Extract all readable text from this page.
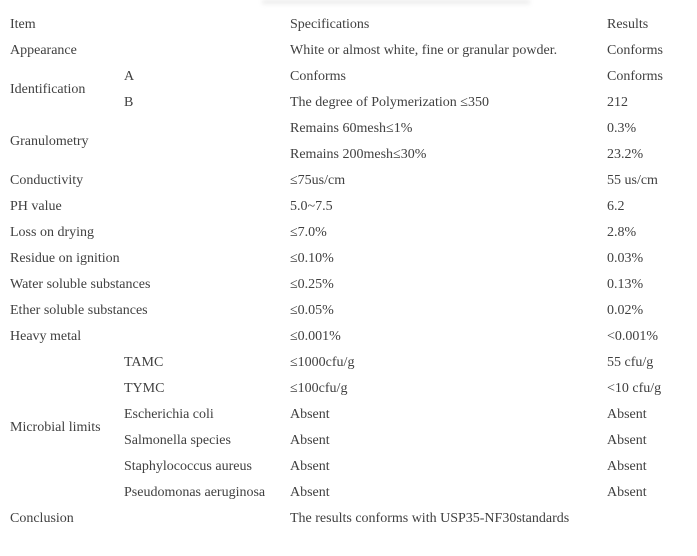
Item		Specifications	Results
Appearance		White or almost white, fine or granular powder.	Conforms
Identification	A	Conforms	Conforms
	B	The degree of Polymerization ≤350	212
Granulometry		Remains 60mesh≤1%	0.3%
		Remains 200mesh≤30%	23.2%
Conductivity		≤75us/cm	55 us/cm
PH value		5.0~7.5	6.2
Loss on drying		≤7.0%	2.8%
Residue on ignition		≤0.10%	0.03%
Water soluble substances		≤0.25%	0.13%
Ether soluble substances		≤0.05%	0.02%
Heavy metal		≤0.001%	<0.001%
Microbial limits	TAMC	≤1000cfu/g	55 cfu/g
	TYMC	≤100cfu/g	<10 cfu/g
	Escherichia coli	Absent	Absent
	Salmonella species	Absent	Absent
	Staphylococcus aureus	Absent	Absent
	Pseudomonas aeruginosa	Absent	Absent
Conclusion		The results conforms with USP35-NF30standards	
